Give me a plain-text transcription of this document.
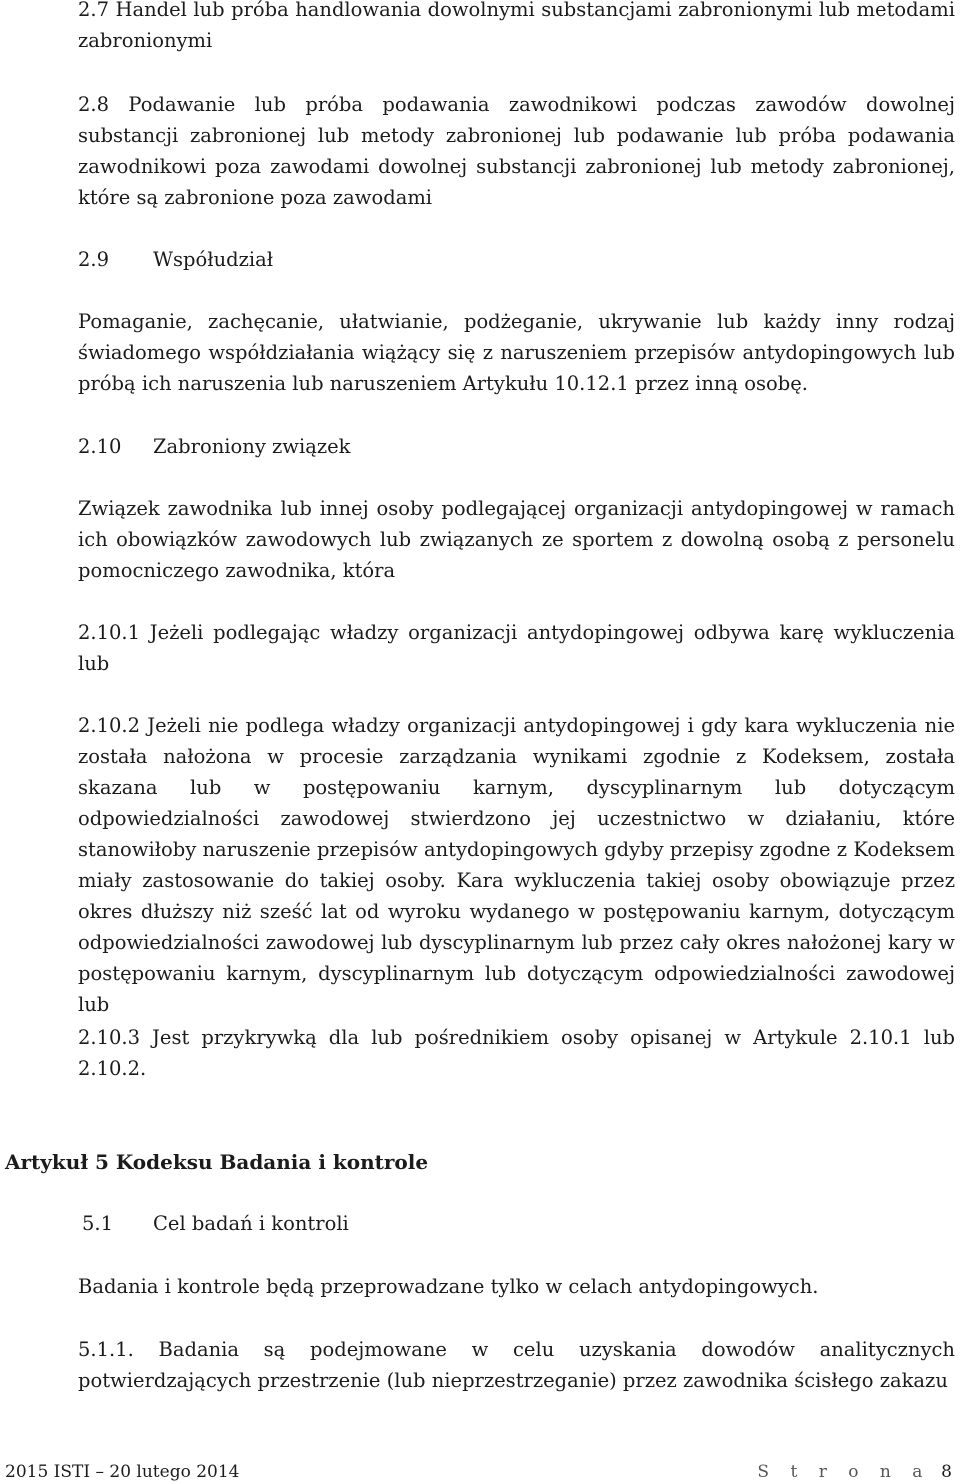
2.7 Handel lub próba handlowania dowolnymi substancjami zabronionymi lub metodami zabronionymi

2.8 Podawanie lub próba podawania zawodnikowi podczas zawodów dowolnej substancji zabronionej lub metody zabronionej lub podawanie lub próba podawania zawodnikowi poza zawodami dowolnej substancji zabronionej lub metody zabronionej, które są zabronione poza zawodami

2.9 Współudział

Pomaganie, zachęcanie, ułatwianie, podżeganie, ukrywanie lub każdy inny rodzaj świadomego współdziałania wiążący się z naruszeniem przepisów antydopingowych lub próbą ich naruszenia lub naruszeniem Artykułu 10.12.1 przez inną osobę.

2.10 Zabroniony związek

Związek zawodnika lub innej osoby podlegającej organizacji antydopingowej w ramach ich obowiązków zawodowych lub związanych ze sportem z dowolną osobą z personelu pomocniczego zawodnika, która

2.10.1 Jeżeli podlegając władzy organizacji antydopingowej odbywa karę wykluczenia lub

2.10.2 Jeżeli nie podlega władzy organizacji antydopingowej i gdy kara wykluczenia nie została nałożona w procesie zarządzania wynikami zgodnie z Kodeksem, została skazana lub w postępowaniu karnym, dyscyplinarnym lub dotyczącym odpowiedzialności zawodowej stwierdzono jej uczestnictwo w działaniu, które stanowiłoby naruszenie przepisów antydopingowych gdyby przepisy zgodne z Kodeksem miały zastosowanie do takiej osoby. Kara wykluczenia takiej osoby obowiązuje przez okres dłuższy niż sześć lat od wyroku wydanego w postępowaniu karnym, dotyczącym odpowiedzialności zawodowej lub dyscyplinarnym lub przez cały okres nałożonej kary w postępowaniu karnym, dyscyplinarnym lub dotyczącym odpowiedzialności zawodowej lub

2.10.3 Jest przykrywką dla lub pośrednikiem osoby opisanej w Artykule 2.10.1 lub 2.10.2.

Artykuł 5 Kodeksu Badania i kontrole

5.1 Cel badań i kontroli

Badania i kontrole będą przeprowadzane tylko w celach antydopingowych.

5.1.1. Badania są podejmowane w celu uzyskania dowodów analitycznych potwierdzających przestrzenie (lub nieprzestrzeganie) przez zawodnika ścisłego zakazu

2015 ISTI – 20 lutego 2014	S t r o n a 8
